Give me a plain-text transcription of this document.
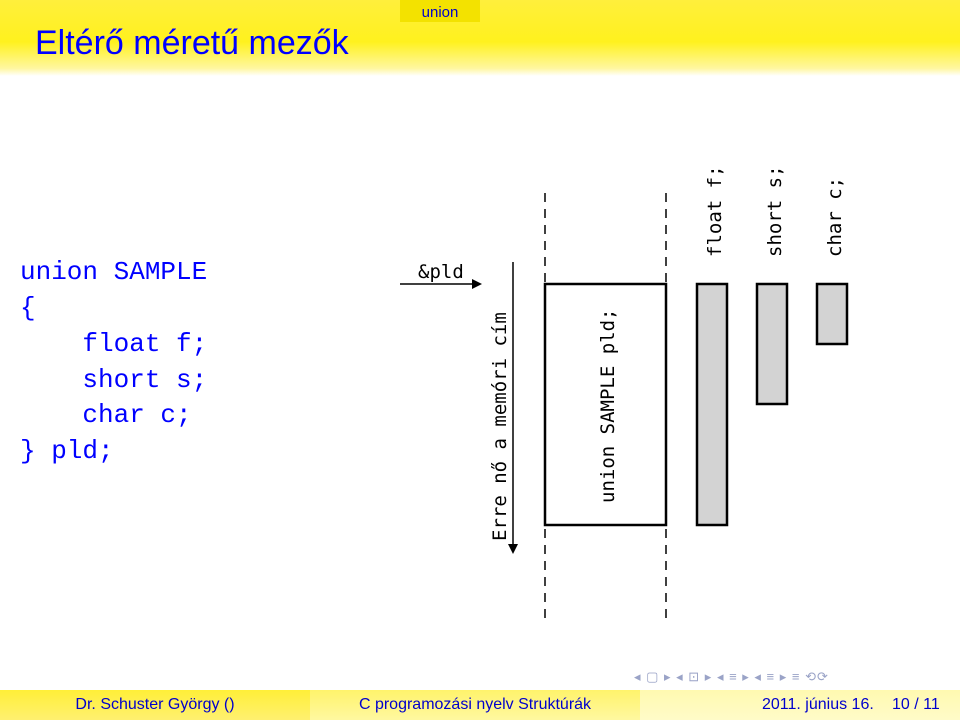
union
Eltérő méretű mezők
union SAMPLE
{
float f;
short s;
char c;
} pld;
&pld
Erre nő a memóri cím	union SAMPLE pld;
float f; short s; char c;
◂ ▢ ▸ ◂ ⊡ ▸ ◂ ≡ ▸ ◂ ≡ ▸ ≡ ⟲⟳
Dr. Schuster György ()	C programozási nyelv Struktúrák	2011. június 16. 10 / 11
